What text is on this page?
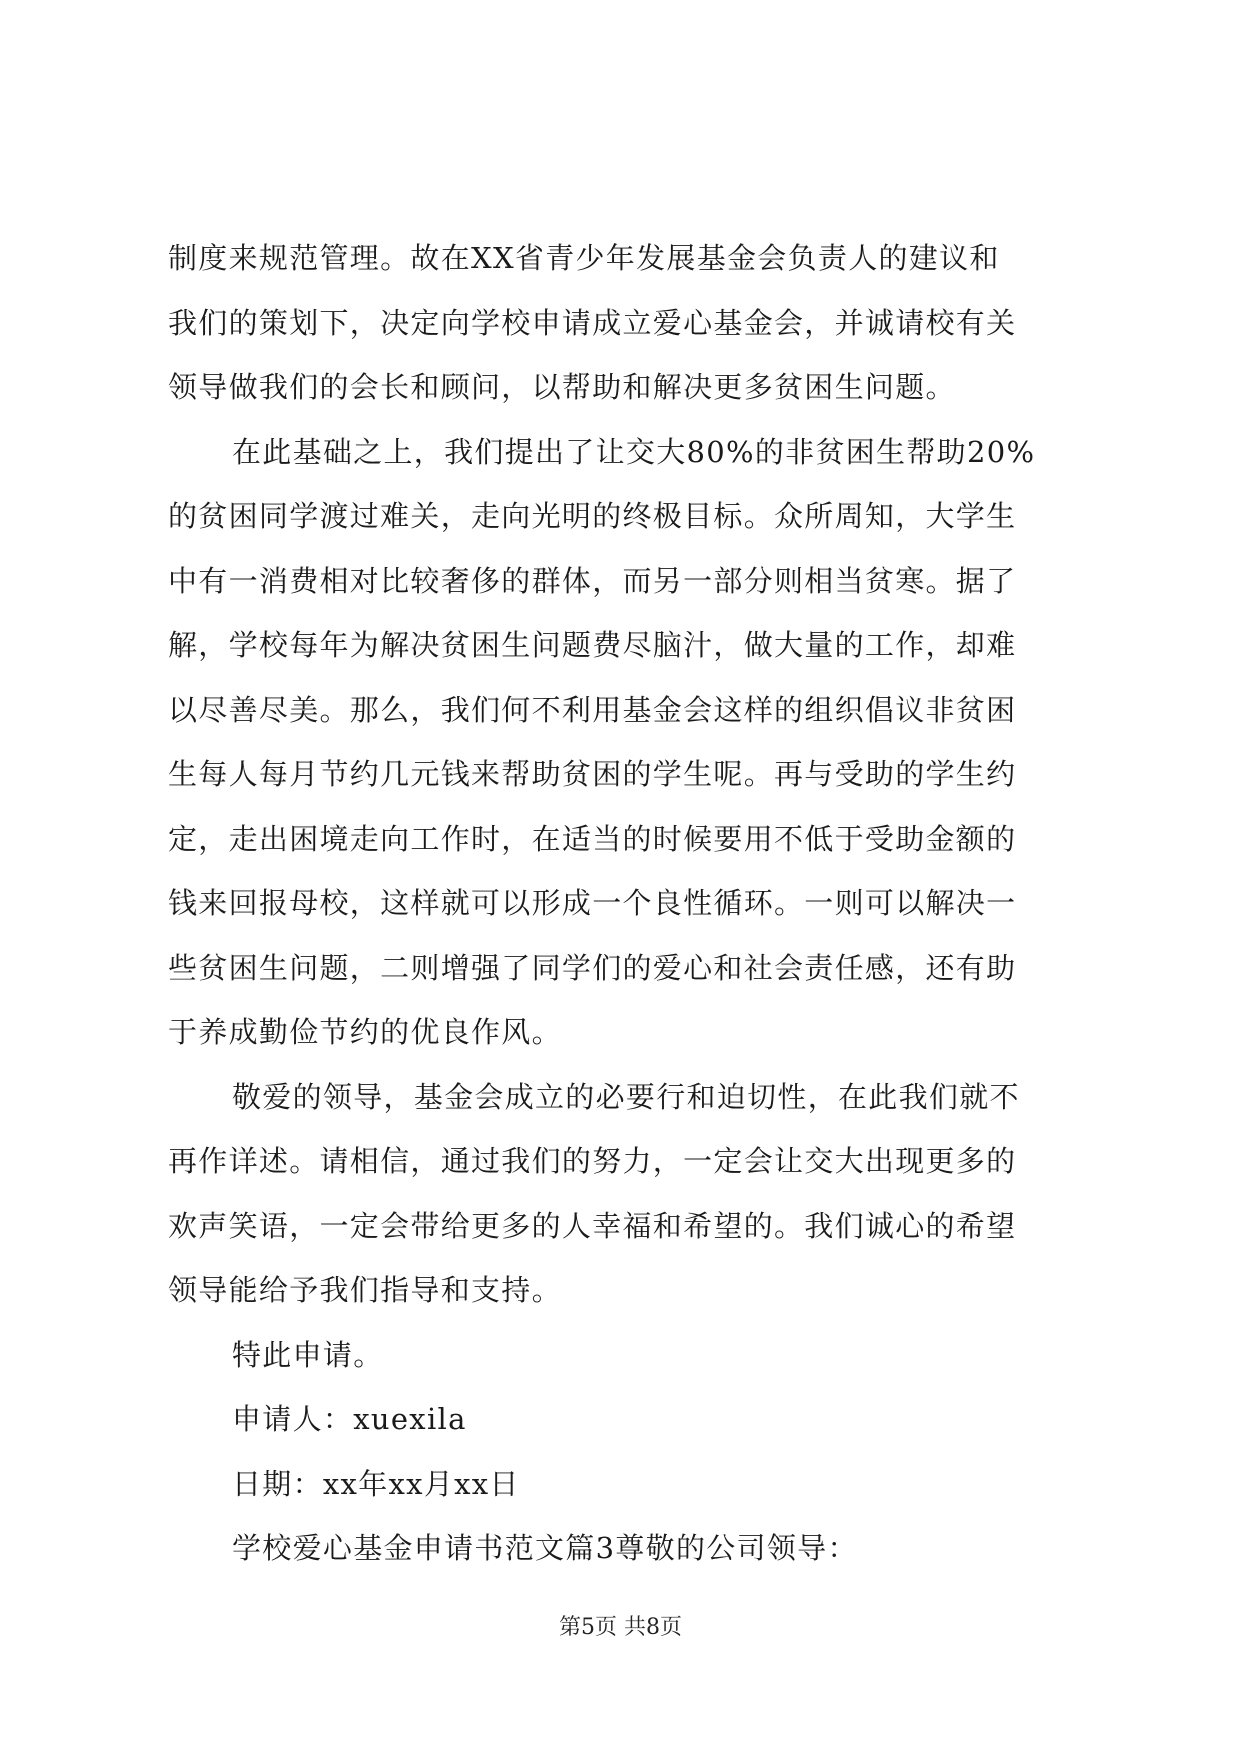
制度来规范管理。故在XX省青少年发展基金会负责人的建议和
我们的策划下，决定向学校申请成立爱心基金会，并诚请校有关
领导做我们的会长和顾问，以帮助和解决更多贫困生问题。
在此基础之上，我们提出了让交大80%的非贫困生帮助20%
的贫困同学渡过难关，走向光明的终极目标。众所周知，大学生
中有一消费相对比较奢侈的群体，而另一部分则相当贫寒。据了
解，学校每年为解决贫困生问题费尽脑汁，做大量的工作，却难
以尽善尽美。那么，我们何不利用基金会这样的组织倡议非贫困
生每人每月节约几元钱来帮助贫困的学生呢。再与受助的学生约
定，走出困境走向工作时，在适当的时候要用不低于受助金额的
钱来回报母校，这样就可以形成一个良性循环。一则可以解决一
些贫困生问题，二则增强了同学们的爱心和社会责任感，还有助
于养成勤俭节约的优良作风。
敬爱的领导，基金会成立的必要行和迫切性，在此我们就不
再作详述。请相信，通过我们的努力，一定会让交大出现更多的
欢声笑语，一定会带给更多的人幸福和希望的。我们诚心的希望
领导能给予我们指导和支持。
特此申请。
申请人：xuexila
日期：xx年xx月xx日
学校爱心基金申请书范文篇3尊敬的公司领导：
第5页 共8页
